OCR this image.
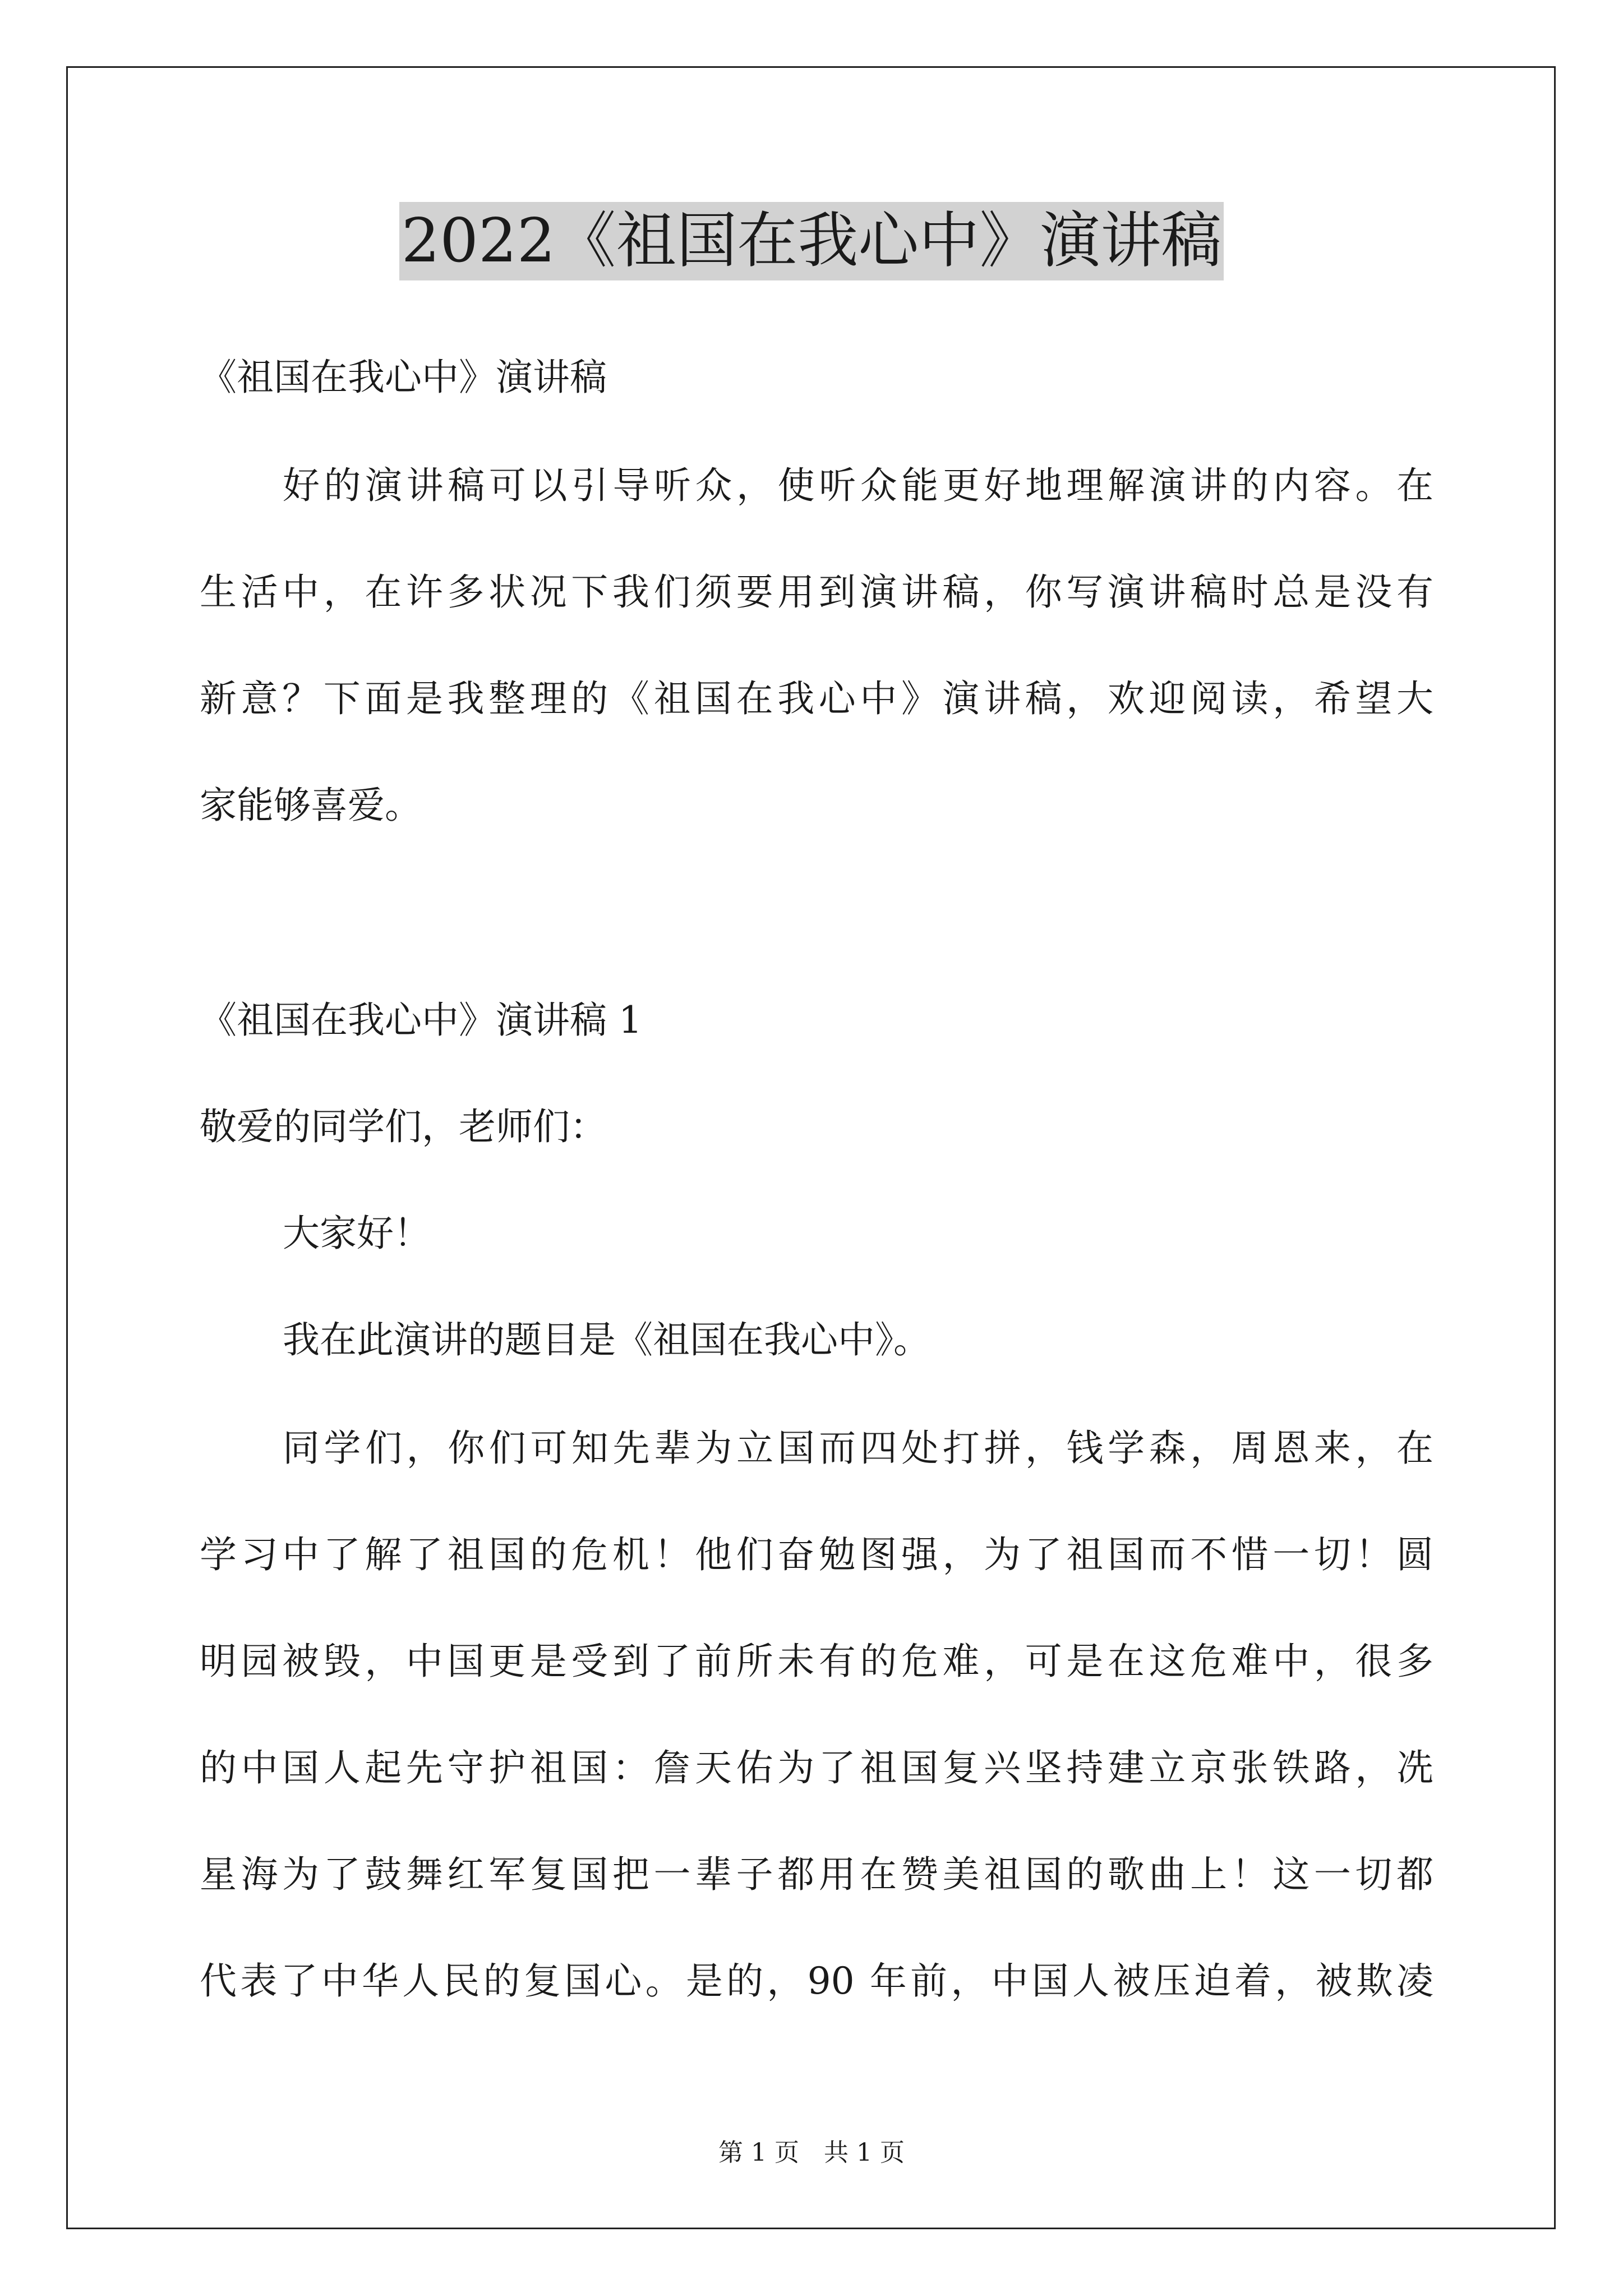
2022《祖国在我心中》演讲稿
《祖国在我心中》演讲稿
好的演讲稿可以引导听众，使听众能更好地理解演讲的内容。在
生活中，在许多状况下我们须要用到演讲稿，你写演讲稿时总是没有
新意？下面是我整理的《祖国在我心中》演讲稿，欢迎阅读，希望大
家能够喜爱。
《祖国在我心中》演讲稿 1
敬爱的同学们，老师们：
大家好！
我在此演讲的题目是《祖国在我心中》。
同学们，你们可知先辈为立国而四处打拼，钱学森，周恩来，在
学习中了解了祖国的危机！他们奋勉图强，为了祖国而不惜一切！圆
明园被毁，中国更是受到了前所未有的危难，可是在这危难中，很多
的中国人起先守护祖国：詹天佑为了祖国复兴坚持建立京张铁路，冼
星海为了鼓舞红军复国把一辈子都用在赞美祖国的歌曲上！这一切都
代表了中华人民的复国心。是的，90 年前，中国人被压迫着，被欺凌
第 1 页　共 1 页
